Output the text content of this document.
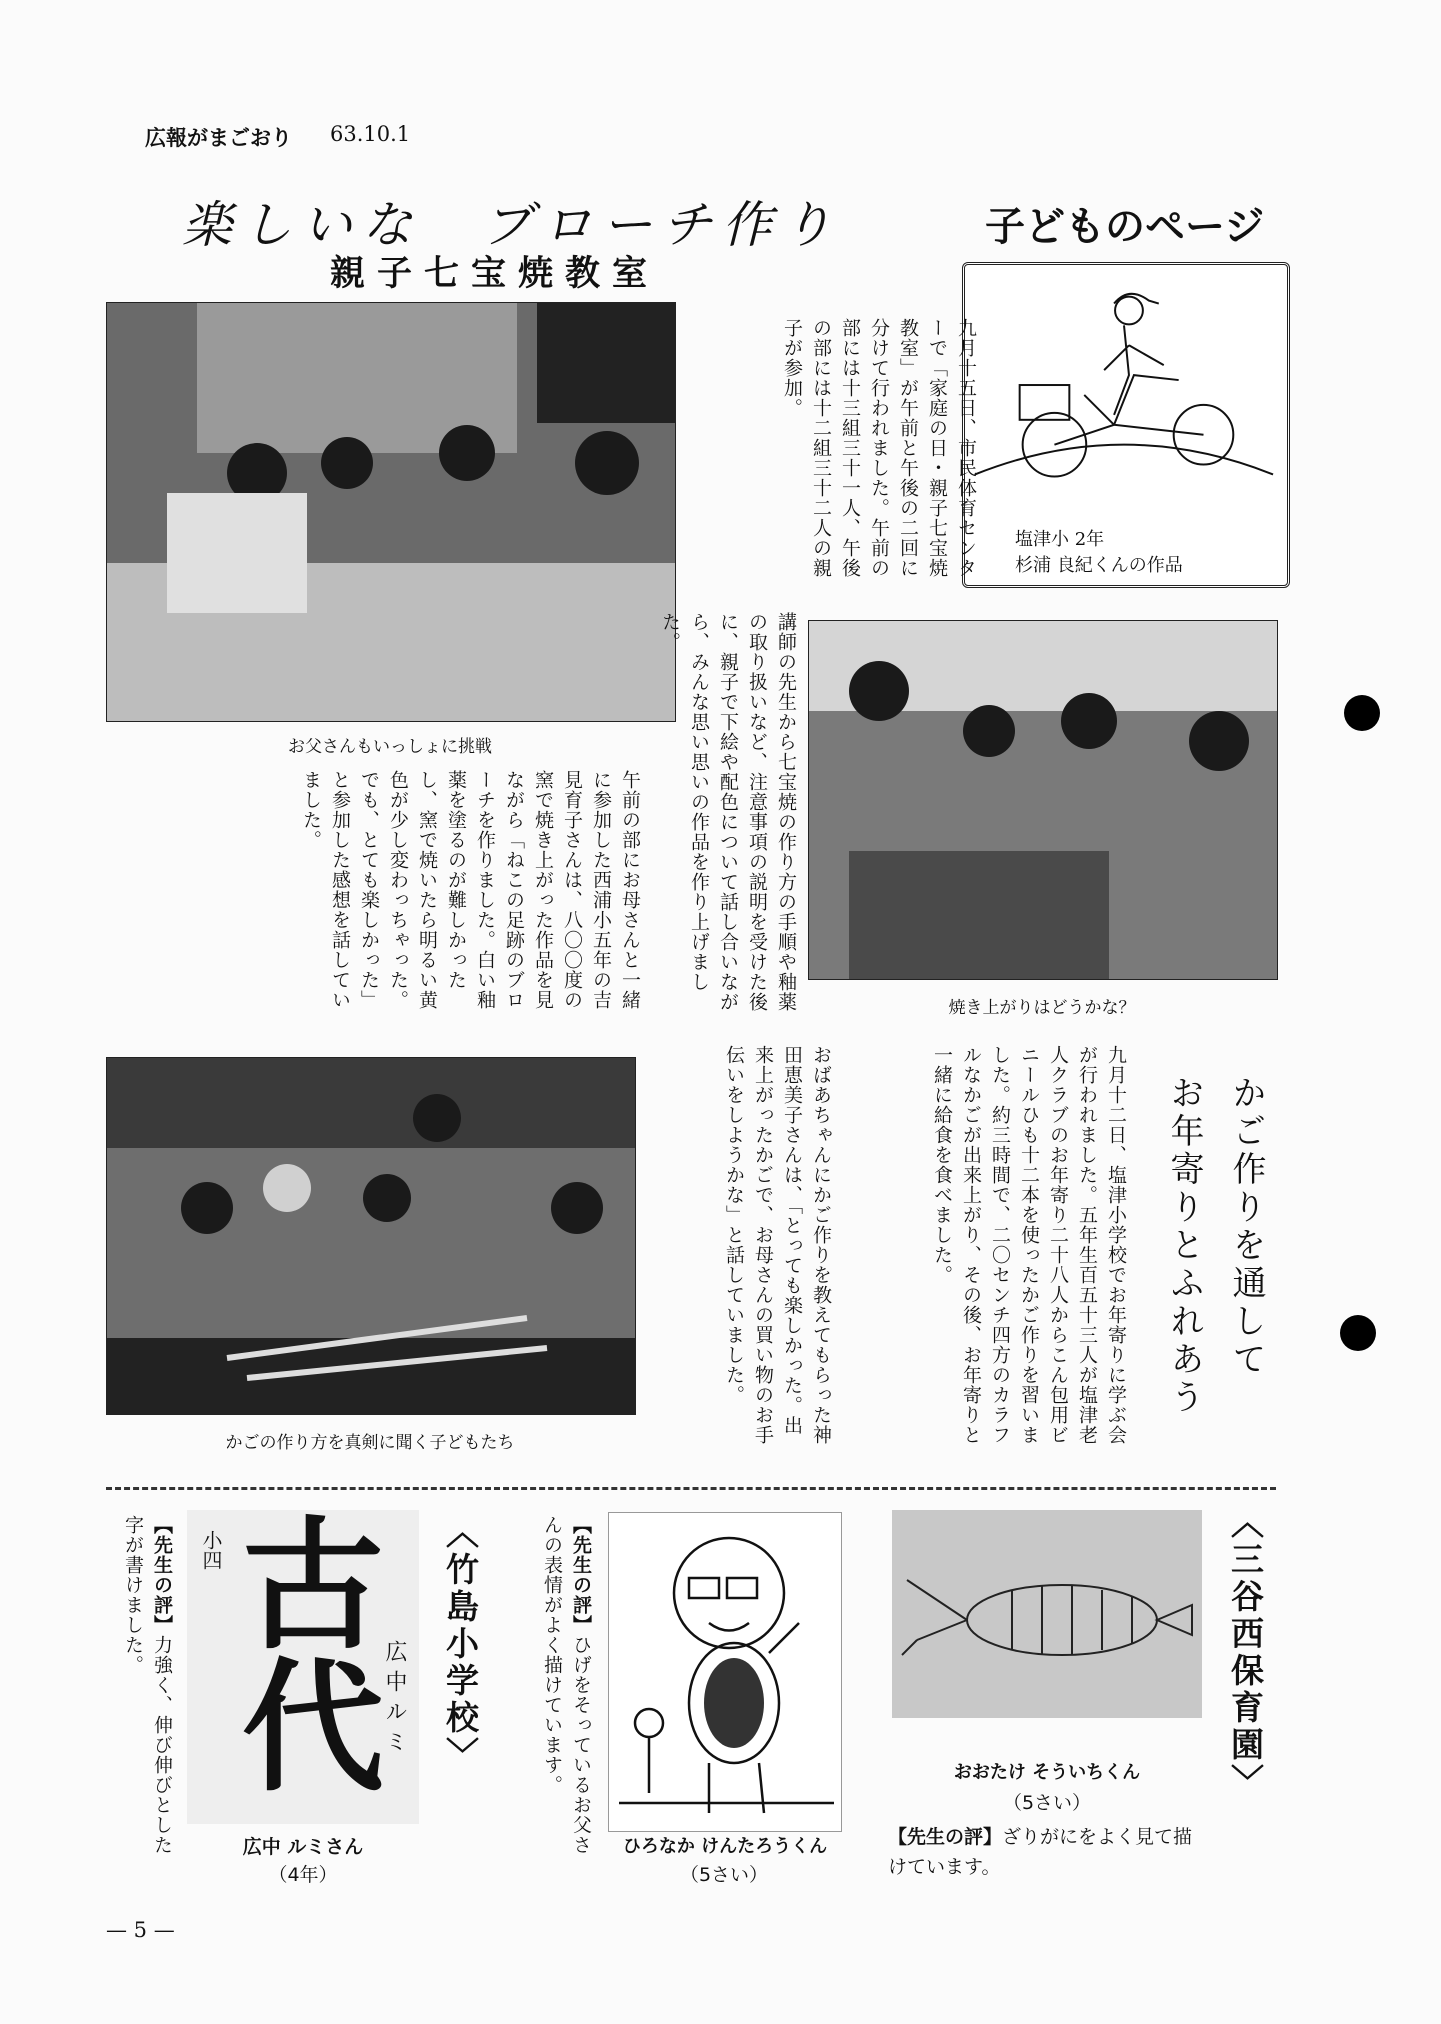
広報がまごおり 63.10.1
楽しいな　ブローチ作り
親子七宝焼教室
子どものページ
塩津小 2年
杉浦 良紀くんの作品
お父さんもいっしょに挑戦
九月十五日、市民体育センターで「家庭の日・親子七宝焼教室」が午前と午後の二回に分けて行われました。午前の部には十三組三十一人、午後の部には十二組三十二人の親子が参加。
講師の先生から七宝焼の作り方の手順や釉薬の取り扱いなど、注意事項の説明を受けた後に、親子で下絵や配色について話し合いながら、みんな思い思いの作品を作り上げました。
午前の部にお母さんと一緒に参加した西浦小五年の吉見育子さんは、八〇〇度の窯で焼き上がった作品を見ながら「ねこの足跡のブローチを作りました。白い釉薬を塗るのが難しかったし、窯で焼いたら明るい黄色が少し変わっちゃった。でも、とても楽しかった」と参加した感想を話していました。
焼き上がりはどうかな？
かごの作り方を真剣に聞く子どもたち
かご作りを通して
お年寄りとふれあう
九月十二日、塩津小学校でお年寄りに学ぶ会が行われました。五年生百五十三人が塩津老人クラブのお年寄り二十八人からこん包用ビニールひも十二本を使ったかご作りを習いました。約三時間で、二〇センチ四方のカラフルなかごが出来上がり、その後、お年寄りと一緒に給食を食べました。
おばあちゃんにかご作りを教えてもらった神田恵美子さんは、「とっても楽しかった。出来上がったかごで、お母さんの買い物のお手伝いをしようかな」と話していました。
〈竹島小学校〉
小四
古代
広中ルミ
広中 ルミさん
（4年）
【先生の評】力強く、伸び伸びとした字が書けました。	【先生の評】ひげをそっているお父さんの表情がよく描けています。
ひろなか けんたろうくん
（5さい）
〈三谷西保育園〉
おおたけ そういちくん
（5さい）
【先生の評】ざりがにをよく見て描けています。
— 5 —
